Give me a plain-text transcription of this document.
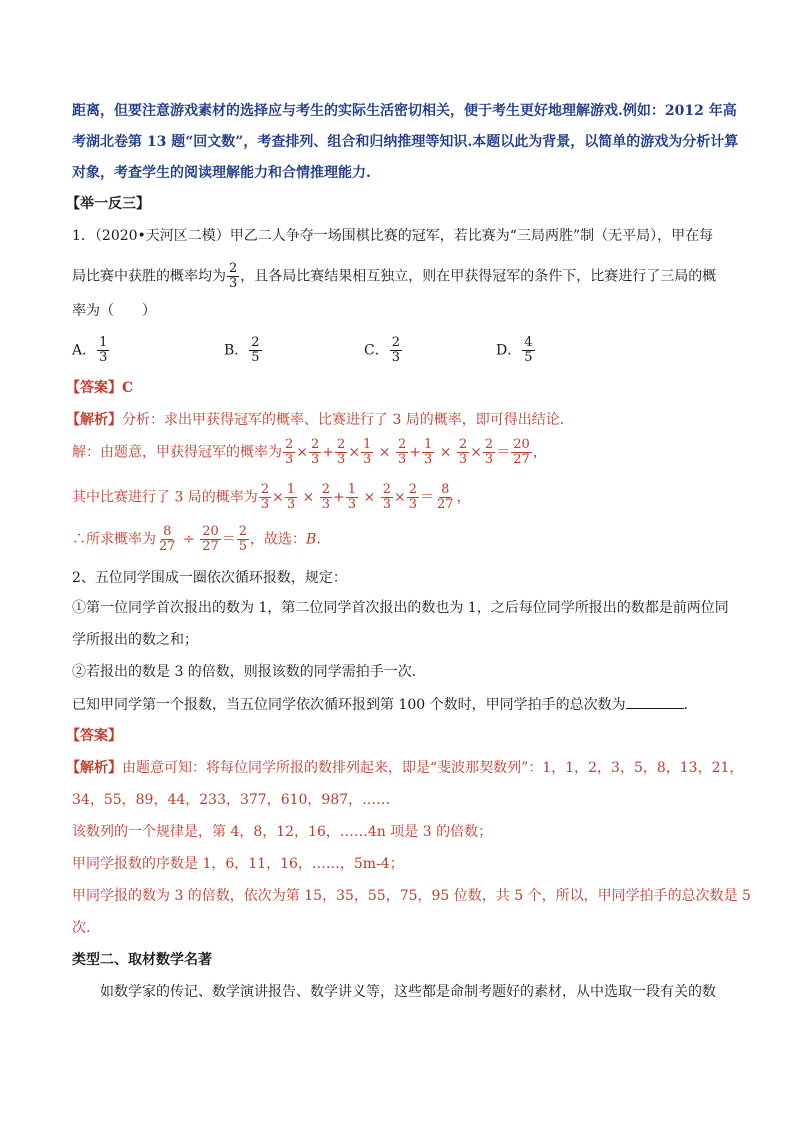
距离，但要注意游戏素材的选择应与考生的实际生活密切相关，便于考生更好地理解游戏.例如：2012 年高
考湖北卷第 13 题“回文数”，考查排列、组合和归纳推理等知识.本题以此为背景，以简单的游戏为分析计算
对象，考查学生的阅读理解能力和合情推理能力.
【举一反三】
1．（2020•天河区二模）甲乙二人争夺一场围棋比赛的冠军，若比赛为“三局两胜”制（无平局），甲在每
局比赛中获胜的概率均为 $\frac{2}{3}$ ，且各局比赛结果相互独立，则在甲获得冠军的条件下，比赛进行了三局的概
率为（　　）
A． $\frac{1}{3}$	B． $\frac{2}{5}$	C． $\frac{2}{3}$	D． $\frac{4}{5}$
【答案】C
【解析】分析：求出甲获得冠军的概率、比赛进行了 3 局的概率，即可得出结论．
解：由题意，甲获得冠军的概率为 $\frac{2}{3} \times \frac{2}{3} + \frac{2}{3} \times \frac{1}{3} \times \frac{2}{3} + \frac{1}{3} \times \frac{2}{3} \times \frac{2}{3} = \frac{20}{27}$ ，
其中比赛进行了 3 局的概率为 $\frac{2}{3} \times \frac{1}{3} \times \frac{2}{3} + \frac{1}{3} \times \frac{2}{3} \times \frac{2}{3} = \frac{8}{27}$ ，
∴所求概率为 $\frac{8}{27} \div \frac{20}{27} = \frac{2}{5}$ ，故选：B.
2、五位同学围成一圈依次循环报数，规定：
①第一位同学首次报出的数为 1，第二位同学首次报出的数也为 1，之后每位同学所报出的数都是前两位同
学所报出的数之和；
②若报出的数是 3 的倍数，则报该数的同学需拍手一次.
已知甲同学第一个报数，当五位同学依次循环报到第 100 个数时，甲同学拍手的总次数为	.
【答案】
【解析】由题意可知：将每位同学所报的数排列起来，即是“斐波那契数列”：1，1，2，3，5，8，13，21，
34，55，89，44，233，377，610，987，……
该数列的一个规律是，第 4，8，12，16，……4n 项是 3 的倍数；
甲同学报数的序数是 1，6，11，16，……，5m-4；
甲同学报的数为 3 的倍数，依次为第 15，35，55，75，95 位数，共 5 个，所以，甲同学拍手的总次数是 5
次.
类型二、取材数学名著
　　如数学家的传记、数学演讲报告、数学讲义等，这些都是命制考题好的素材，从中选取一段有关的数
